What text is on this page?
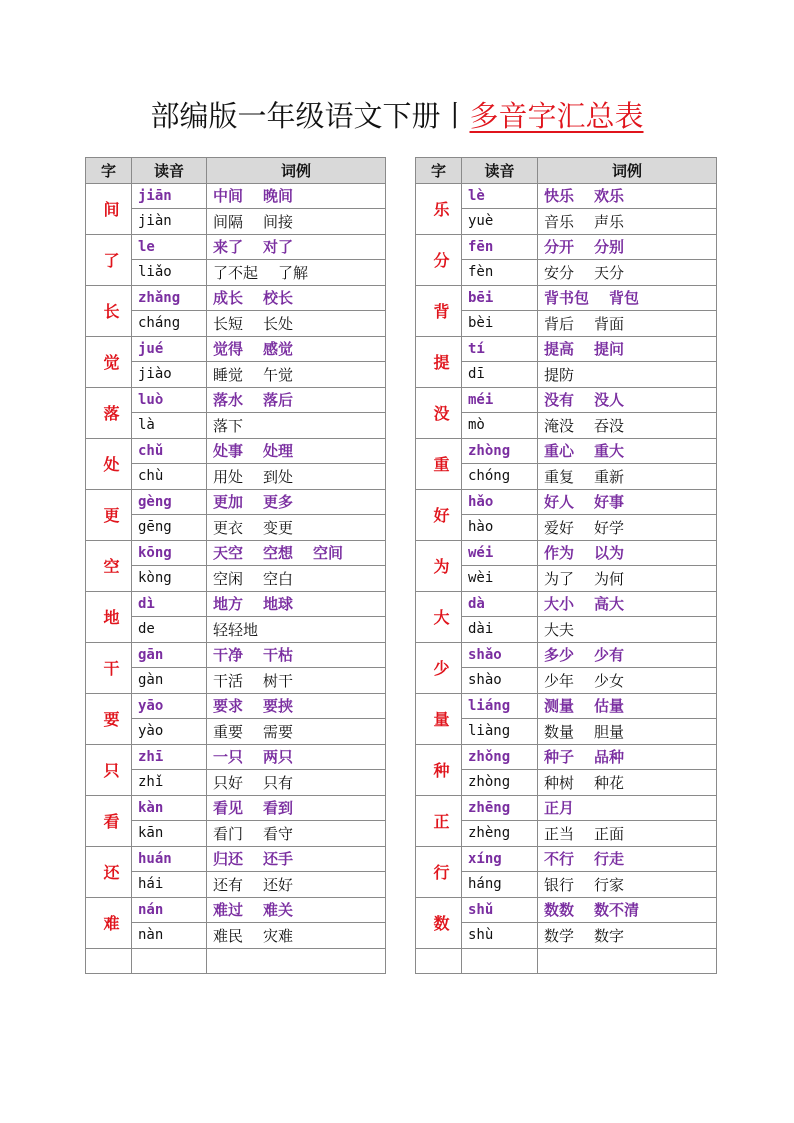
部编版一年级语文下册丨多音字汇总表
字	读音	词例
间	jiān	中间 晚间
	jiàn	间隔 间接
了	le	来了 对了
	liǎo	了不起 了解
长	zhǎng	成长 校长
	cháng	长短 长处
觉	jué	觉得 感觉
	jiào	睡觉 午觉
落	luò	落水 落后
	là	落下
处	chǔ	处事 处理
	chù	用处 到处
更	gèng	更加 更多
	gēng	更衣 变更
空	kōng	天空 空想 空间
	kòng	空闲 空白
地	dì	地方 地球
	de	轻轻地
干	gān	干净 干枯
	gàn	干活 树干
要	yāo	要求 要挟
	yào	重要 需要
只	zhī	一只 两只
	zhǐ	只好 只有
看	kàn	看见 看到
	kān	看门 看守
还	huán	归还 还手
	hái	还有 还好
难	nán	难过 难关
	nàn	难民 灾难

字	读音	词例
乐	lè	快乐 欢乐
	yuè	音乐 声乐
分	fēn	分开 分别
	fèn	安分 天分
背	bēi	背书包 背包
	bèi	背后 背面
提	tí	提高 提问
	dī	提防
没	méi	没有 没人
	mò	淹没 吞没
重	zhòng	重心 重大
	chóng	重复 重新
好	hǎo	好人 好事
	hào	爱好 好学
为	wéi	作为 以为
	wèi	为了 为何
大	dà	大小 高大
	dài	大夫
少	shǎo	多少 少有
	shào	少年 少女
量	liáng	测量 估量
	liàng	数量 胆量
种	zhǒng	种子 品种
	zhòng	种树 种花
正	zhēng	正月
	zhèng	正当 正面
行	xíng	不行 行走
	háng	银行 行家
数	shǔ	数数 数不清
	shù	数学 数字
